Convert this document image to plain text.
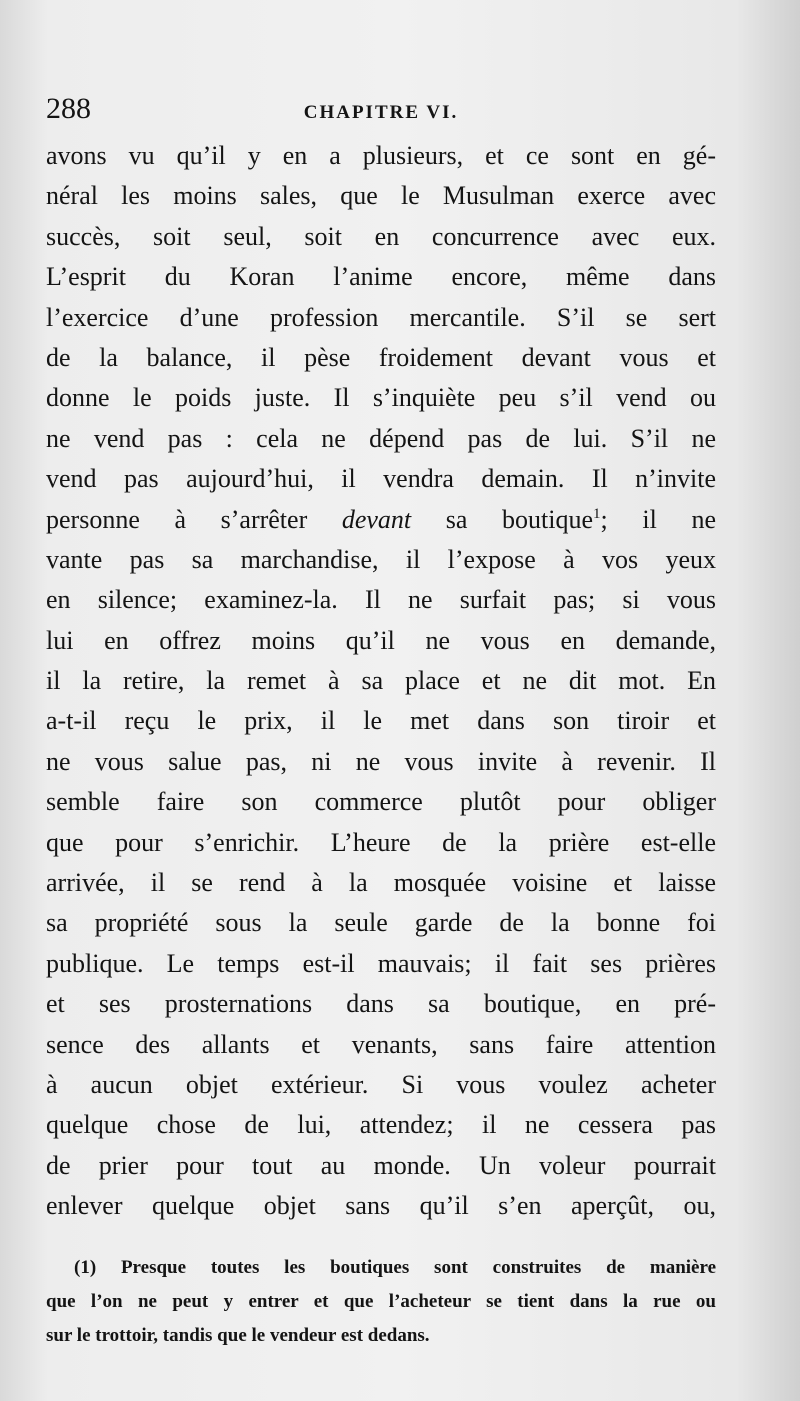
288	CHAPITRE VI.
avons vu qu’il y en a plusieurs, et ce sont en gé-
néral les moins sales, que le Musulman exerce avec
succès, soit seul, soit en concurrence avec eux.
L’esprit du Koran l’anime encore, même dans
l’exercice d’une profession mercantile. S’il se sert
de la balance, il pèse froidement devant vous et
donne le poids juste. Il s’inquiète peu s’il vend ou
ne vend pas : cela ne dépend pas de lui. S’il ne
vend pas aujourd’hui, il vendra demain. Il n’invite
personne à s’arrêter devant sa boutique$^1$; il ne
vante pas sa marchandise, il l’expose à vos yeux
en silence; examinez-la. Il ne surfait pas; si vous
lui en offrez moins qu’il ne vous en demande,
il la retire, la remet à sa place et ne dit mot. En
a-t-il reçu le prix, il le met dans son tiroir et
ne vous salue pas, ni ne vous invite à revenir. Il
semble faire son commerce plutôt pour obliger
que pour s’enrichir. L’heure de la prière est-elle
arrivée, il se rend à la mosquée voisine et laisse
sa propriété sous la seule garde de la bonne foi
publique. Le temps est-il mauvais; il fait ses prières
et ses prosternations dans sa boutique, en pré-
sence des allants et venants, sans faire attention
à aucun objet extérieur. Si vous voulez acheter
quelque chose de lui, attendez; il ne cessera pas
de prier pour tout au monde. Un voleur pourrait
enlever quelque objet sans qu’il s’en aperçût, ou,
(1) Presque toutes les boutiques sont construites de manière
que l’on ne peut y entrer et que l’acheteur se tient dans la rue ou
sur le trottoir, tandis que le vendeur est dedans.
